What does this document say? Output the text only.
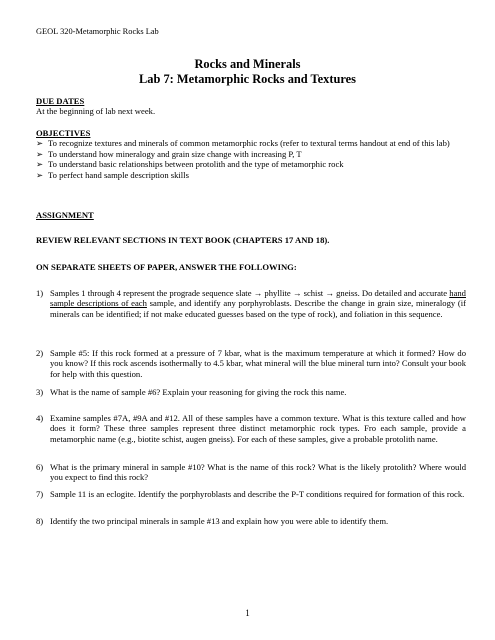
GEOL 320-Metamorphic Rocks Lab
Rocks and Minerals
Lab 7: Metamorphic Rocks and Textures
DUE DATES
At the beginning of lab next week.
OBJECTIVES
➢ To recognize textures and minerals of common metamorphic rocks (refer to textural terms handout at end of this lab)
➢ To understand how mineralogy and grain size change with increasing P, T
➢ To understand basic relationships between protolith and the type of metamorphic rock
➢ To perfect hand sample description skills
ASSIGNMENT
REVIEW RELEVANT SECTIONS IN TEXT BOOK (CHAPTERS 17 AND 18).
ON SEPARATE SHEETS OF PAPER, ANSWER THE FOLLOWING:
1) Samples 1 through 4 represent the prograde sequence slate → phyllite → schist → gneiss. Do detailed and accurate hand sample descriptions of each sample, and identify any porphyroblasts. Describe the change in grain size, mineralogy (if minerals can be identified; if not make educated guesses based on the type of rock), and foliation in this sequence.
2) Sample #5: If this rock formed at a pressure of 7 kbar, what is the maximum temperature at which it formed? How do you know? If this rock ascends isothermally to 4.5 kbar, what mineral will the blue mineral turn into? Consult your book for help with this question.
3) What is the name of sample #6? Explain your reasoning for giving the rock this name.
4) Examine samples #7A, #9A and #12. All of these samples have a common texture. What is this texture called and how does it form? These three samples represent three distinct metamorphic rock types. Fro each sample, provide a metamorphic name (e.g., biotite schist, augen gneiss). For each of these samples, give a probable protolith name.
6) What is the primary mineral in sample #10? What is the name of this rock? What is the likely protolith? Where would you expect to find this rock?
7) Sample 11 is an eclogite. Identify the porphyroblasts and describe the P-T conditions required for formation of this rock.
8) Identify the two principal minerals in sample #13 and explain how you were able to identify them.
1
